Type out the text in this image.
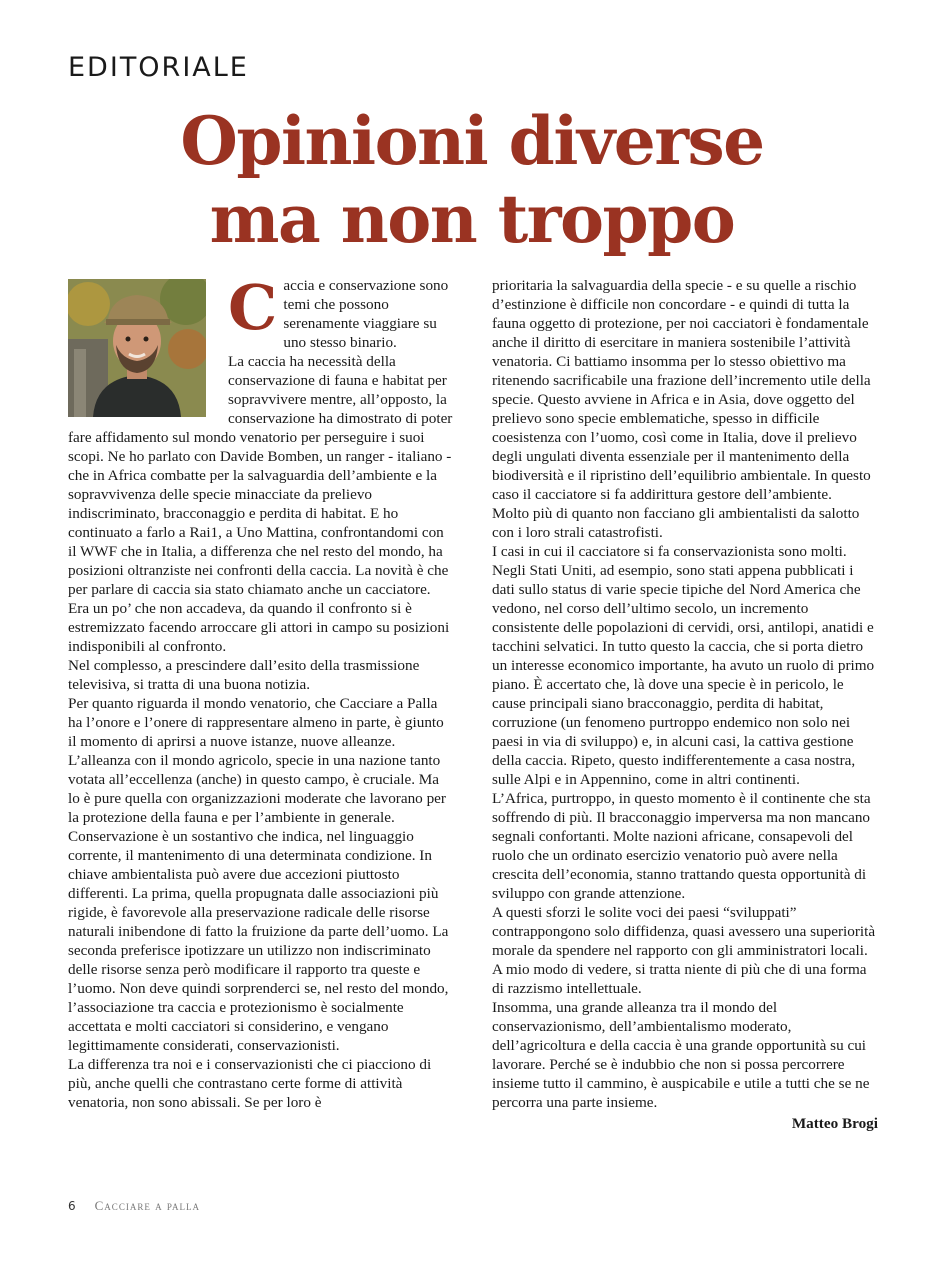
EDITORIALE
Opinioni diverse
ma non troppo
C accia e conservazione sono temi che possono serenamente viaggiare su uno stesso binario.

La caccia ha necessità della conservazione di fauna e habitat per sopravvivere mentre, all’opposto, la conservazione ha dimostrato di poter fare affidamento sul mondo venatorio per perseguire i suoi scopi. Ne ho parlato con Davide Bomben, un ranger - italiano - che in Africa combatte per la salvaguardia dell’ambiente e la sopravvivenza delle specie minacciate da prelievo indiscriminato, bracconaggio e perdita di habitat. E ho continuato a farlo a Rai1, a Uno Mattina, confrontandomi con il WWF che in Italia, a differenza che nel resto del mondo, ha posizioni oltranziste nei confronti della caccia. La novità è che per parlare di caccia sia stato chiamato anche un cacciatore. Era un po’ che non accadeva, da quando il confronto si è estremizzato facendo arroccare gli attori in campo su posizioni indisponibili al confronto.

Nel complesso, a prescindere dall’esito della trasmissione televisiva, si tratta di una buona notizia.

Per quanto riguarda il mondo venatorio, che Cacciare a Palla ha l’onore e l’onere di rappresentare almeno in parte, è giunto il momento di aprirsi a nuove istanze, nuove alleanze. L’alleanza con il mondo agricolo, specie in una nazione tanto votata all’eccellenza (anche) in questo campo, è cruciale. Ma lo è pure quella con organizzazioni moderate che lavorano per la protezione della fauna e per l’ambiente in generale.

Conservazione è un sostantivo che indica, nel linguaggio corrente, il mantenimento di una determinata condizione. In chiave ambientalista può avere due accezioni piuttosto differenti. La prima, quella propugnata dalle associazioni più rigide, è favorevole alla preservazione radicale delle risorse naturali inibendone di fatto la fruizione da parte dell’uomo. La seconda preferisce ipotizzare un utilizzo non indiscriminato delle risorse senza però modificare il rapporto tra queste e l’uomo. Non deve quindi sorprenderci se, nel resto del mondo, l’associazione tra caccia e protezionismo è socialmente accettata e molti cacciatori si considerino, e vengano legittimamente considerati, conservazionisti.

La differenza tra noi e i conservazionisti che ci piacciono di più, anche quelli che contrastano certe forme di attività venatoria, non sono abissali. Se per loro è

prioritaria la salvaguardia della specie - e su quelle a rischio d’estinzione è difficile non concordare - e quindi di tutta la fauna oggetto di protezione, per noi cacciatori è fondamentale anche il diritto di esercitare in maniera sostenibile l’attività venatoria. Ci battiamo insomma per lo stesso obiettivo ma ritenendo sacrificabile una frazione dell’incremento utile della specie. Questo avviene in Africa e in Asia, dove oggetto del prelievo sono specie emblematiche, spesso in difficile coesistenza con l’uomo, così come in Italia, dove il prelievo degli ungulati diventa essenziale per il mantenimento della biodiversità e il ripristino dell’equilibrio ambientale. In questo caso il cacciatore si fa addirittura gestore dell’ambiente.

Molto più di quanto non facciano gli ambientalisti da salotto con i loro strali catastrofisti.

I casi in cui il cacciatore si fa conservazionista sono molti. Negli Stati Uniti, ad esempio, sono stati appena pubblicati i dati sullo status di varie specie tipiche del Nord America che vedono, nel corso dell’ultimo secolo, un incremento consistente delle popolazioni di cervidi, orsi, antilopi, anatidi e tacchini selvatici. In tutto questo la caccia, che si porta dietro un interesse economico importante, ha avuto un ruolo di primo piano. È accertato che, là dove una specie è in pericolo, le cause principali siano bracconaggio, perdita di habitat, corruzione (un fenomeno purtroppo endemico non solo nei paesi in via di sviluppo) e, in alcuni casi, la cattiva gestione della caccia. Ripeto, questo indifferentemente a casa nostra, sulle Alpi e in Appennino, come in altri continenti.

L’Africa, purtroppo, in questo momento è il continente che sta soffrendo di più. Il bracconaggio imperversa ma non mancano segnali confortanti. Molte nazioni africane, consapevoli del ruolo che un ordinato esercizio venatorio può avere nella crescita dell’economia, stanno trattando questa opportunità di sviluppo con grande attenzione.

A questi sforzi le solite voci dei paesi “sviluppati” contrappongono solo diffidenza, quasi avessero una superiorità morale da spendere nel rapporto con gli amministratori locali. A mio modo di vedere, si tratta niente di più che di una forma di razzismo intellettuale.

Insomma, una grande alleanza tra il mondo del conservazionismo, dell’ambientalismo moderato, dell’agricoltura e della caccia è una grande opportunità su cui lavorare. Perché se è indubbio che non si possa percorrere insieme tutto il cammino, è auspicabile e utile a tutti che se ne percorra una parte insieme.

Matteo Brogi

6 Cacciare a palla
